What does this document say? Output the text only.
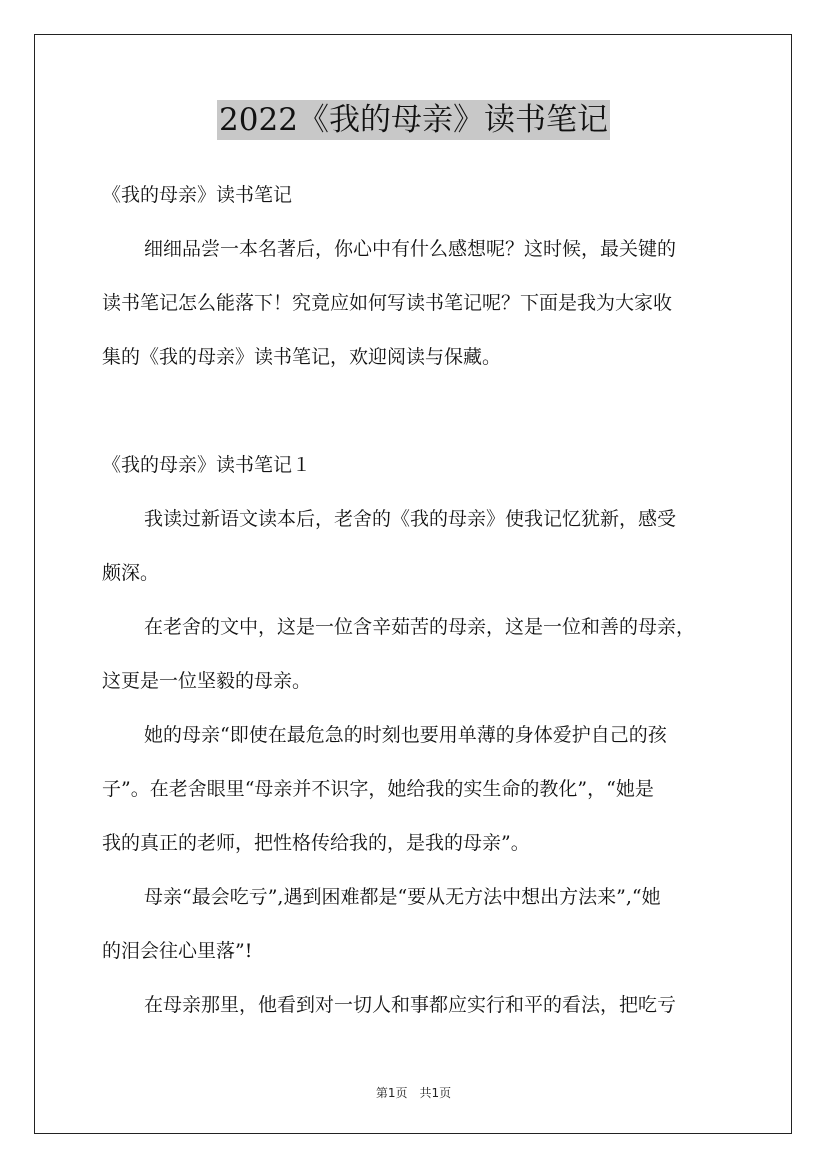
2022《我的母亲》读书笔记
《我的母亲》读书笔记
细细品尝一本名著后，你心中有什么感想呢？这时候，最关键的
读书笔记怎么能落下！究竟应如何写读书笔记呢？下面是我为大家收
集的《我的母亲》读书笔记，欢迎阅读与保藏。
《我的母亲》读书笔记１
我读过新语文读本后，老舍的《我的母亲》使我记忆犹新，感受
颇深。
在老舍的文中，这是一位含辛茹苦的母亲，这是一位和善的母亲，
这更是一位坚毅的母亲。
她的母亲“即使在最危急的时刻也要用单薄的身体爱护自己的孩
子”。在老舍眼里“母亲并不识字，她给我的实生命的教化”，“她是
我的真正的老师，把性格传给我的，是我的母亲”。
母亲“最会吃亏”,遇到困难都是“要从无方法中想出方法来”,“她
的泪会往心里落”!
在母亲那里，他看到对一切人和事都应实行和平的看法，把吃亏
第1页　共1页
